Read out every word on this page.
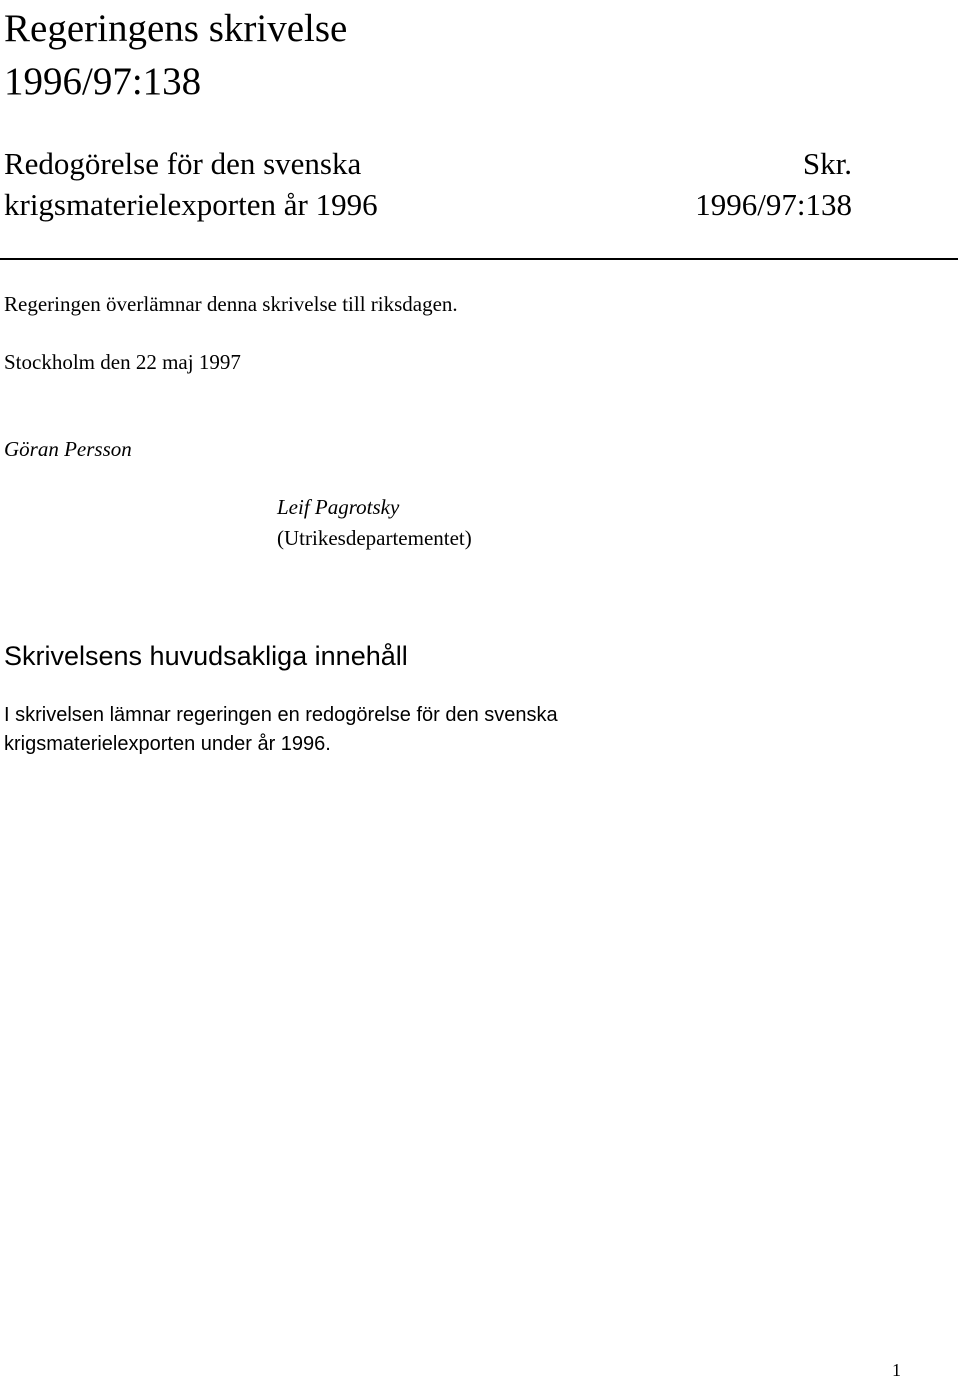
Regeringens skrivelse
1996/97:138
Redogörelse för den svenska
krigsmaterielexporten år 1996
Skr.
1996/97:138
Regeringen överlämnar denna skrivelse till riksdagen.
Stockholm den 22 maj 1997
Göran Persson
Leif Pagrotsky
(Utrikesdepartementet)
Skrivelsens huvudsakliga innehåll
I skrivelsen lämnar regeringen en redogörelse för den svenska
krigsmaterielexporten under år 1996.
1
